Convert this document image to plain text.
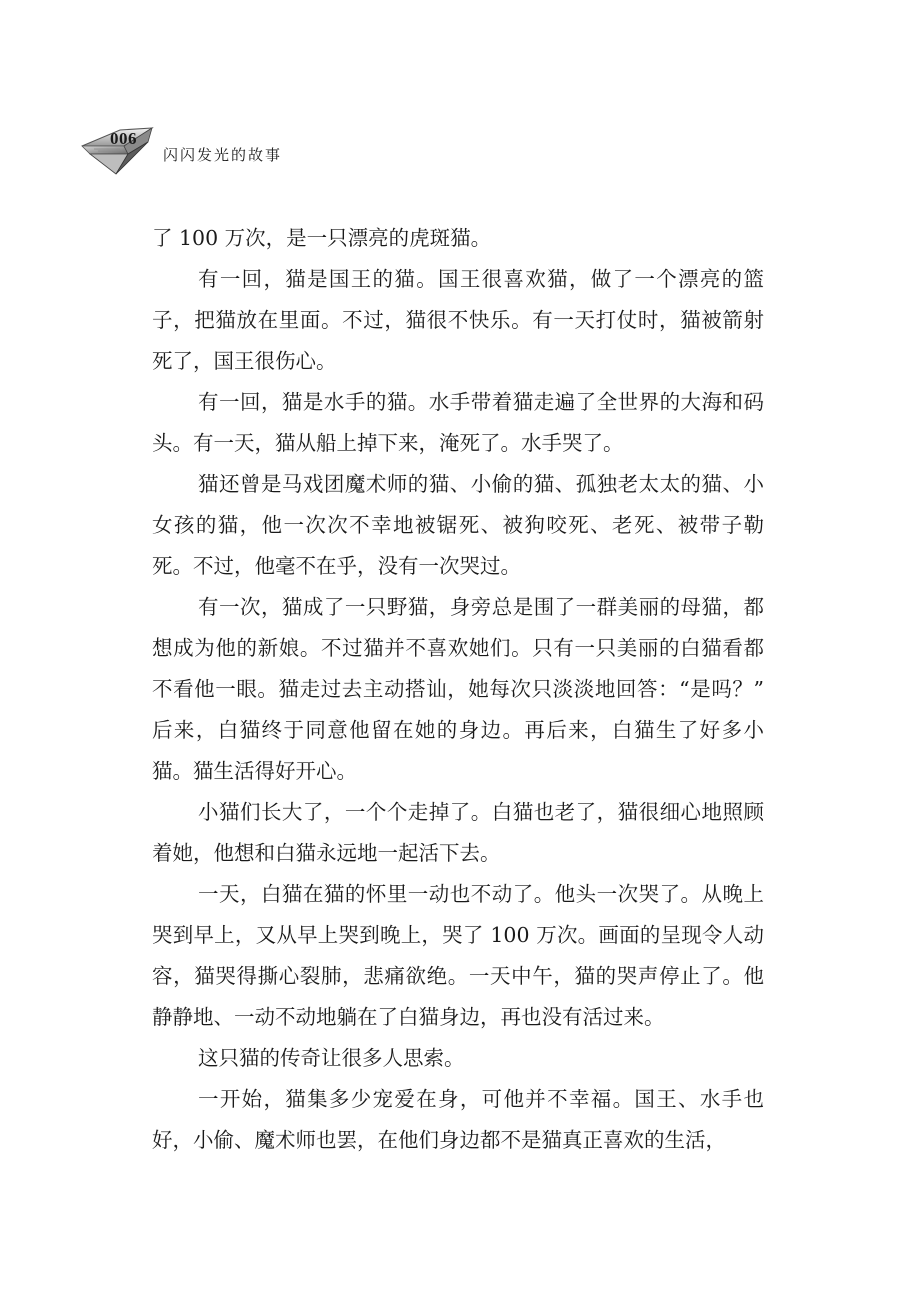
006
闪闪发光的故事

了 100 万次，是一只漂亮的虎斑猫。

有一回，猫是国王的猫。国王很喜欢猫，做了一个漂亮的篮子，把猫放在里面。不过，猫很不快乐。有一天打仗时，猫被箭射死了，国王很伤心。

有一回，猫是水手的猫。水手带着猫走遍了全世界的大海和码头。有一天，猫从船上掉下来，淹死了。水手哭了。

猫还曾是马戏团魔术师的猫、小偷的猫、孤独老太太的猫、小女孩的猫，他一次次不幸地被锯死、被狗咬死、老死、被带子勒死。不过，他毫不在乎，没有一次哭过。

有一次，猫成了一只野猫，身旁总是围了一群美丽的母猫，都想成为他的新娘。不过猫并不喜欢她们。只有一只美丽的白猫看都不看他一眼。猫走过去主动搭讪，她每次只淡淡地回答：“是吗？” 后来，白猫终于同意他留在她的身边。再后来，白猫生了好多小猫。猫生活得好开心。

小猫们长大了，一个个走掉了。白猫也老了，猫很细心地照顾着她，他想和白猫永远地一起活下去。

一天，白猫在猫的怀里一动也不动了。他头一次哭了。从晚上哭到早上，又从早上哭到晚上，哭了 100 万次。画面的呈现令人动容，猫哭得撕心裂肺，悲痛欲绝。一天中午，猫的哭声停止了。他静静地、一动不动地躺在了白猫身边，再也没有活过来。

这只猫的传奇让很多人思索。

一开始，猫集多少宠爱在身，可他并不幸福。国王、水手也好，小偷、魔术师也罢，在他们身边都不是猫真正喜欢的生活，
